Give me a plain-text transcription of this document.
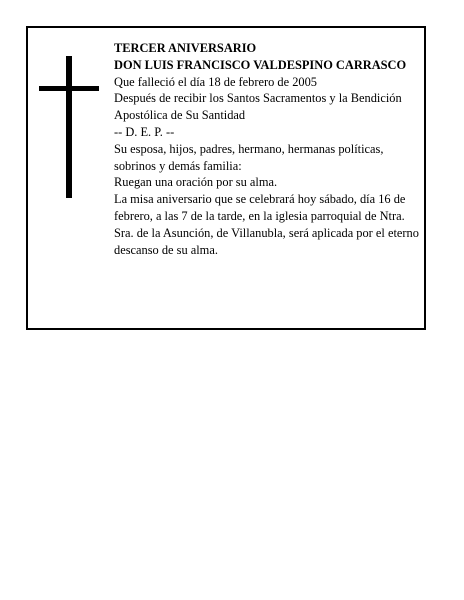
TERCER ANIVERSARIO
DON LUIS FRANCISCO VALDESPINO CARRASCO
Que falleció el día 18 de febrero de 2005
Después de recibir los Santos Sacramentos y la Bendición Apostólica de Su Santidad
-- D. E. P. --
Su esposa, hijos, padres, hermano, hermanas políticas, sobrinos y demás familia:
Ruegan una oración por su alma.
La misa aniversario que se celebrará hoy sábado, día 16 de febrero, a las 7 de la tarde, en la iglesia parroquial de Ntra. Sra. de la Asunción, de Villanubla, será aplicada por el eterno descanso de su alma.
